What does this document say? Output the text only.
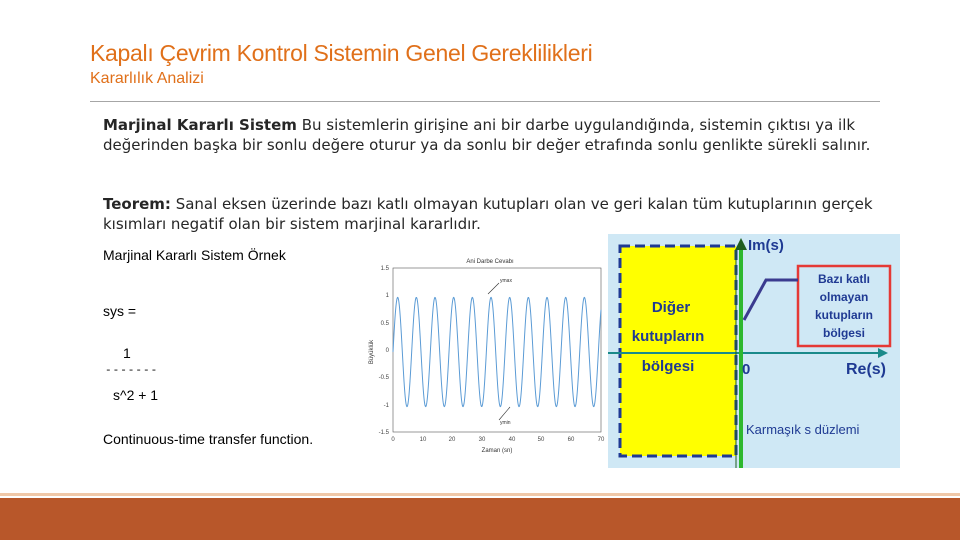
Kapalı Çevrim Kontrol Sistemin Genel Gereklilikleri
Kararlılık Analizi
Marjinal Kararlı Sistem Bu sistemlerin girişine ani bir darbe uygulandığında, sistemin çıktısı ya ilk değerinden başka bir sonlu değere oturur ya da sonlu bir değer etrafında sonlu genlikte sürekli salınır.
Teorem: Sanal eksen üzerinde bazı katlı olmayan kutupları olan ve geri kalan tüm kutuplarının gerçek kısımları negatif olan bir sistem marjinal kararlıdır.
Marjinal Kararlı Sistem Örnek
sys =
1
-------
s^2 + 1
Continuous-time transfer function.
Ani Darbe Cevabı
1.5
1
0.5
0
-0.5
-1
-1.5
0	10	20	30	40	50	60	70
Zaman (sn)
Büyüklük
ymax
ymin
Diğer
kutupların
bölgesi
Im(s)
Re(s)
0
Bazı katlı
olmayan
kutupların
bölgesi
Karmaşık s düzlemi
